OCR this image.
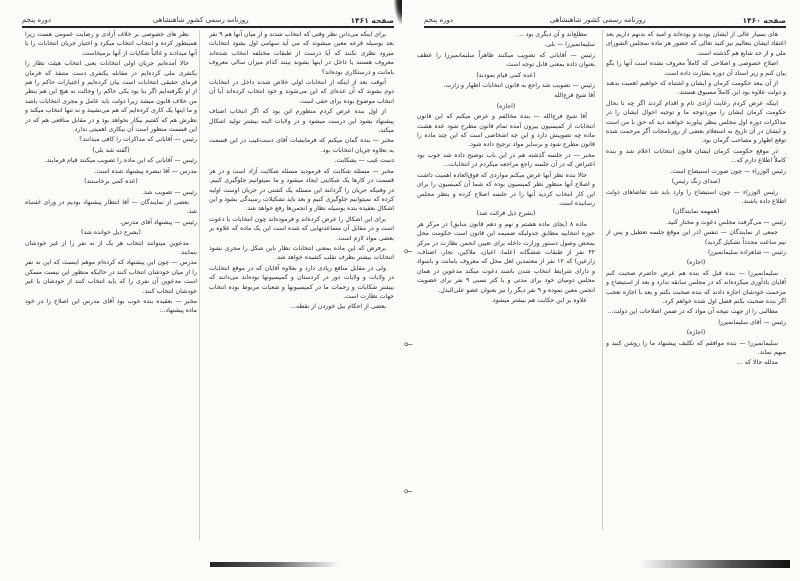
صفحه ۱۴۶۱
روزنامه رسمی کشور شاهنشاهی
دوره پنجم

برای اینکه می‌دانن نظر وقتی که انتخاب شدند و از میان آنها هم ۹ نفر بعد بوسیله قرعه معین میشوند که می آید سهامی اول بشود انتخابات میرود نظری نکنند که آیا درست از طبقات مختلفه انتخاب شده‌اند معروف هستند یا داخل در اینها بشوند بینند کدام میزان سالی معروف بامانت و درستکاری بوده‌اند؟

آنوقت بعد از اینکه از انتخابات اولی خلاص شدند داخل در انتخابات دوم بشوند که آن عده‌ای که این می‌شوند و خود انتخاب کرده‌اند آیا آن انتخاب موضوع بوده برای حقی است.

از اول بنده عرض کردم منظورم این بود که اگر انتخاب اصناف پیشنهاد بشود این درست میشود و در ولایات البته بیشتر تولید اشکال میکند.

مخبر — بنده گمان میکنم که فرمایشات آقای دست‌غیب در این قسمت به بعلاوه جریان انتخابات بود.

دست غیب — بشکایت.

مخبر — مسئله شکایت که فرمودید مسئله شکایت آزاد است و در هر قسمت در کارها یک شکایتی ایجاد میشود و ما نمیتوانیم جلوگیری کنیم. در وقتیکه جریان را گردانند این مسئله یک کشتی در جریان اوست اولیه کرده که نمیتوانیم جلوگیری کنیم و بعد باید تشکیلات رسیدگی بشود و این اشکال بعقیده بنده بوسیله نظار و انجمن‌ها رفع خواهد شد.

برای این اشکال را عرض کرده‌اند و فرموده‌اند چون انتخابات با دعوت است و در مقابل آن مساعدتهایی که شده است این یک ماده که علاوه بر بعضی مواد لازم است.

برفرض که این ماده بمعنی انتخابات نظار باین شکل را مجری نشود انتخابات بیشتر بطرف تقلب کشیده خواهد شد.

ولی در مقابل منافع زیادی دارد و بعلاوه آقایان که در موقع انتخابات در ولایات و ولایات دور در کردستان و کمیسیونها بوده‌اند می‌دانند که بیشتر شکایات و زحمات ما در کمیسیونها و شعبات مربوط بوده انتخاب جهات نظارت است.

بعضی از احکام بیل خوردن از نقطه...

نظر های خصوصی بر خلاف آزادی و رضایت عمومی هست زیرا همینطور کرده و انتجاب انتخاب میکرد و اختیار جریان انتخابات را با آنها میدادند و غالباً شکایات از آنها برمیخاست.

حالا آمده‌ایم جریان اولی انتخابات یعنی انتخاب هیئت نظار را یکنفری ملی کرده‌ایم در مقابله یکنفری دست متنفذ که فرمان فرمای حقیقی انتخابات است بیان کرده‌ایم و اختیارات حاکم را هم از او نگرفته‌ایم اگر بنا بود یکی حاکم را وحالت نه‌ هیچ این هم بنظر من خلاف قانون میشد زیرا دولت باید عامل و مجری انتخابات باشد و ما اینها یک کاری کرده‌ایم که هم می‌نشیند و نه تنها انتخاب میکند و نظرش هم که کفتیم بیکار نخواهد بود و در مقابل منافعی هم که در این قسمت منظور است آن بیکاری اهمیتی ندارد.

رئیس — آقایانی که مذاکرات را کافی میدانند؟

(گفته شد بلی)

رئیس — آقایانی که این ماده را تصویب میکنند قیام فرمایند.

مدرس — آقا تبصره پیشنهاد شده است.

(عده کمی برخاستند)

رئیس — تصویب شد.

بعضی از نمایندگان — آقا انتظار پیشنهاد بودیم در ورای اشتباه شد.

رئیس — پیشنهاد آقای مدرس.

(بشرح ذیل خوانده شد)

مدعوین میتوانند انتخاب هر یک از نه نفر را از غیر خودشان بنمایند.

مدرس — چون این پیشنهاد که کرده‌ام موهم اینست که این نه نفر را از میان خودشان انتخاب کنند در حالیکه منظور این نیست مسکن است مدعوین آن نفری را که باید انتخاب کنند از خودشان یا غیر خودشان انتخاب کنند.

مخبر — بعقیده بنده خوب بود آقای مدرس این اصلاح را در خود ماده پیشنهاد...

صفحه ۱۴۶۰
روزنامه رسمی کشور شاهنشاهی
دوره پنجم

های بسیار عالی از ایشان بودند و بوده‌اند و امید که بدنهم داریم بعد اعتقاد ایشان بتعالیم نیز کنید تعالی که حضور هر ماده بمجلس الشورای ملی و از حد شایع هم گذشته است.

اصلاح خصوصی و اصلاحی که کاملاً معروف نشده است آنها را بگو بیان کنم و زیر اسناد آن دوره بشارت داده است.

از آن ببعد حکومت کرمان و ایشان و اشتباه که خواهیم اهمیت بدهند و دولت علاوه بود این کاملاً مسبوق هستند.

اینکه عرض کردم رعایت آزادی تام و اقدام کردند اگر چه تا بحال حکومت کرمان ایشان را موردتوجه ما و توجیه احوال ایشان را در مذاکرات دوره اول مجلس بنظر بیاورند خواهند دید که حق با من است و ایشان در آن تاریخ به استعلام بعضی از روزنامجات آگر مرحمت شده توقع اظهار و مصاحب گرمان بود.

در موقع حکومت کرمان ایشان قانون انتخابات اعلام شد و بنده کاملاً اطلاع دارم که...

رئیس الوزراء — چون صورت استیضاح است.

(صدای زنگ رئیس)

رئیس الوزراء — چون استیضاح را وارد باید شد تقاضاهای دولت اطلاع داده باشند.

(همهمه نمایندگان)

رئیس — می‌گرفت مجلس دعوت و مختار کنید.

جمعی از نمایندگان — تنفس (در این موقع جلسه تعطیل و پس از نیم ساعت مجدداً تشکیل گردید)

رئیس — شاهزاده سلیمانمیرزا

(اجازه)

سلیمانمیرزا — بنده قبل که بنده هم عرض حاضرم صحبت کنم آقایان یادآوری میکرده‌اند که در مجلس سابقه ندارد و بعد از استیضاح و مرحمت خودشان اجازه دادند که بنده صحبت بکنم و بعد با اجازه تعجب اگر بنده صحبت بکنم فصل اول شده خواهم کرد.

مطالبی را از جهت نتیجه آن مواد که در ضمن اصلاحات این دولت...

رئیس — آقای سلیمانمیرزا

(اجازه)

سلیمانمیرزا — بنده موافقم که تکلیف پیشنهاد ما را روشن کنید و مبهم نماند.

مدلله حالا که ...

مطلع‌اند و آن دیگری بود ...

سلیمانمیرزا — بلی.

رئیس — آقایانی که تصویب میکنند ظاهراً سلیمانمیرزا را عطف بعنوان داده بمعنی قابل توجه است.

(عده کمی قیام نمودند)

رئیس — تصویب شد راجع به قانون انتخابات اظهار و زارت.

آقا شیخ فرج‌الله

(اجازه)

آقا شیخ فرج‌الله — بنده مخالفم و عرض میکنم که این قانون انتخابات از کمیسیون بیرون آمده تمام قانون مطرح شود عده هشت ماده چه تصویبش دارد و این چه اشخاصی است که این چند ماده را قانون مطرح شود و برسایر مواد ترجیح داده شود.

مخبر — در جلسه گذشته هم در این باب توضیح داده شد خوب بود اعتراض که در آن جلسه راجع مراجعه میکردم در انتخابات...

حالا بنده نظر آنها عرض میکنم مواردی که فوق‌العاده اهمیت داشت و اصلاح آنها منظور نظر کمیسیون بوده که شما آن کمیسیون را برای این کار انتخاب کردید آنها را در جلسه اصلاح کرده و بنظر مجلس رسانیده است.

(بشرح ذیل قرائت شد)

ماده ۸ (بجای ماده هشتم و نهم و دهم قانون سابق) در مرکز هر حوزه انتخابیه مطابق جدولیکه ضمیمه این قانون است حکومت محل بمحض وصول دستور وزارت داخله برای تعیین انجمن نظارت در مرکز ۴۲ نفر از طبقات ششگانه (علما، اعیان، ملاکین، تجار، اصناف، زارعین) که ۱۲ نفر از معتمدین اهل محل که معروف بامانت و باسواد و دارای شرایط انتخاب شدن باشند دعوت میکند مدعوین در همان مجلس دومیان خود برای مدتی و با کثر نسبی ۹ نفر برای عضویت انجمن معین نموده و ۹ نفر دیگر را نیز بعنوان عضو علی‌البدل.

علاوه بر این حکایت هم بیشتر میشود.

⟜
⟜
⟜
